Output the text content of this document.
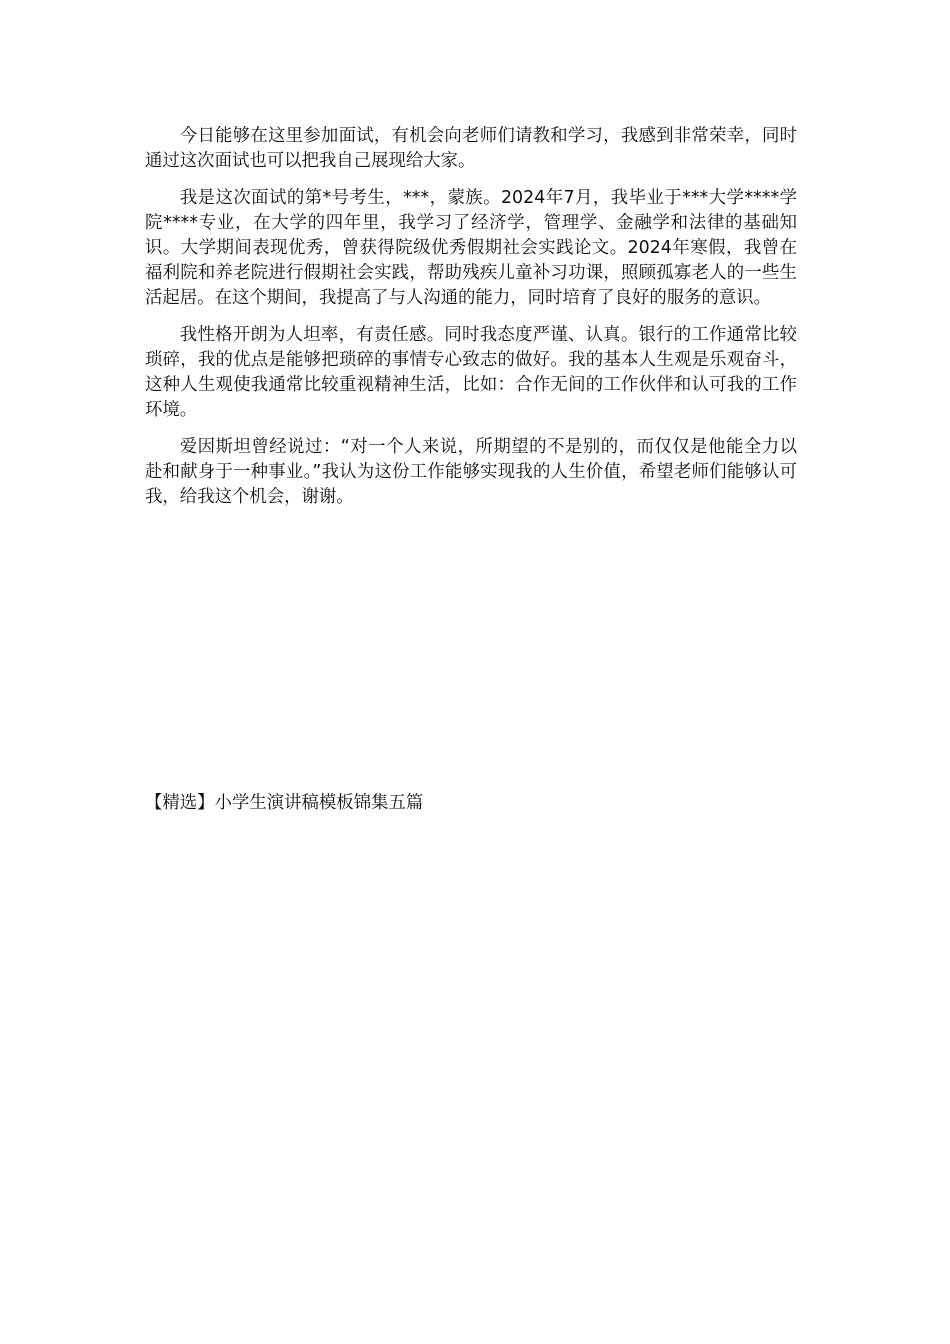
今日能够在这里参加面试，有机会向老师们请教和学习，我感到非常荣幸，同时通过这次面试也可以把我自己展现给大家。

我是这次面试的第*号考生，***，蒙族。2024年7月，我毕业于***大学****学院****专业，在大学的四年里，我学习了经济学，管理学、金融学和法律的基础知识。大学期间表现优秀，曾获得院级优秀假期社会实践论文。2024年寒假，我曾在福利院和养老院进行假期社会实践，帮助残疾儿童补习功课，照顾孤寡老人的一些生活起居。在这个期间，我提高了与人沟通的能力，同时培育了良好的服务的意识。

我性格开朗为人坦率，有责任感。同时我态度严谨、认真。银行的工作通常比较琐碎，我的优点是能够把琐碎的事情专心致志的做好。我的基本人生观是乐观奋斗，这种人生观使我通常比较重视精神生活，比如：合作无间的工作伙伴和认可我的工作环境。

爱因斯坦曾经说过：“对一个人来说，所期望的不是别的，而仅仅是他能全力以赴和献身于一种事业。”我认为这份工作能够实现我的人生价值，希望老师们能够认可我，给我这个机会，谢谢。

【精选】小学生演讲稿模板锦集五篇
